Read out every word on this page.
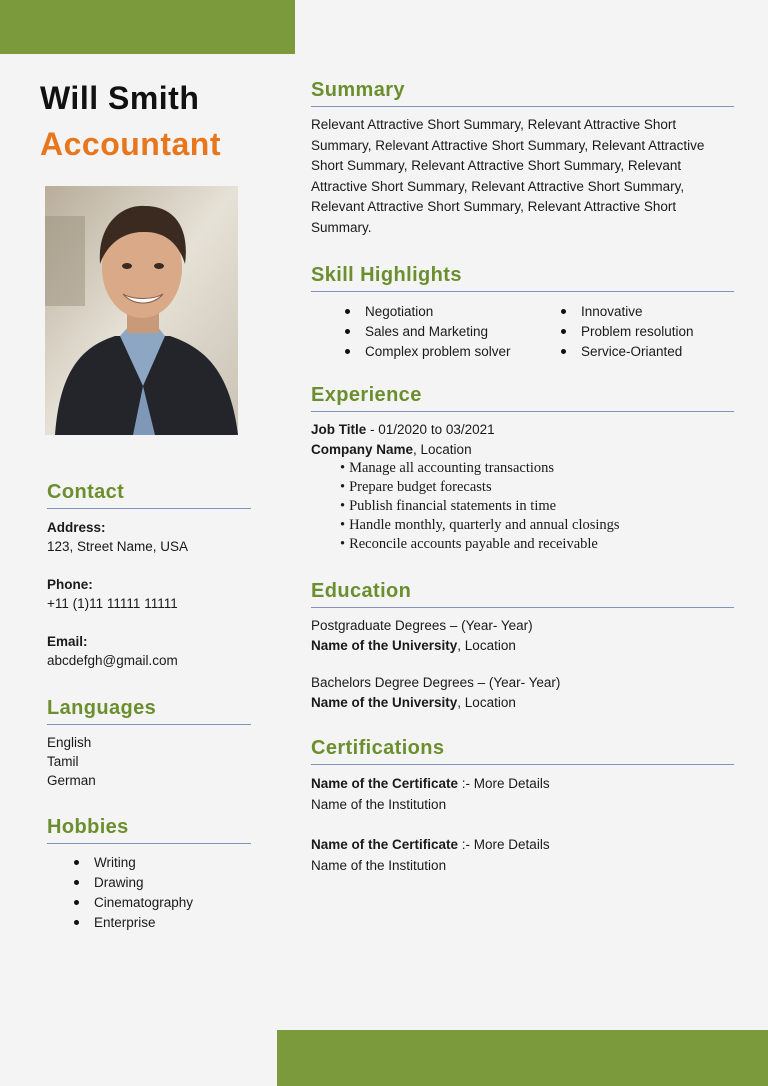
Will Smith
Accountant
Contact
Address:
123, Street Name, USA
Phone:
+11 (1)11 11111 11111
Email:
abcdefgh@gmail.com
Languages
English
Tamil
German
Hobbies
Writing
Drawing
Cinematography
Enterprise
Summary

Relevant Attractive Short Summary, Relevant Attractive Short Summary, Relevant Attractive Short Summary, Relevant Attractive Short Summary, Relevant Attractive Short Summary, Relevant Attractive Short Summary, Relevant Attractive Short Summary, Relevant Attractive Short Summary, Relevant Attractive Short Summary.

Skill Highlights
Negotiation
Sales and Marketing
Complex problem solver
Innovative
Problem resolution
Service-Orianted
Experience
Job Title - 01/2020 to 03/2021
Company Name, Location
• Manage all accounting transactions
• Prepare budget forecasts
• Publish financial statements in time
• Handle monthly, quarterly and annual closings
• Reconcile accounts payable and receivable
Education
Postgraduate Degrees – (Year- Year)
Name of the University, Location
Bachelors Degree Degrees – (Year- Year)
Name of the University, Location
Certifications
Name of the Certificate :- More Details
Name of the Institution
Name of the Certificate :- More Details
Name of the Institution
